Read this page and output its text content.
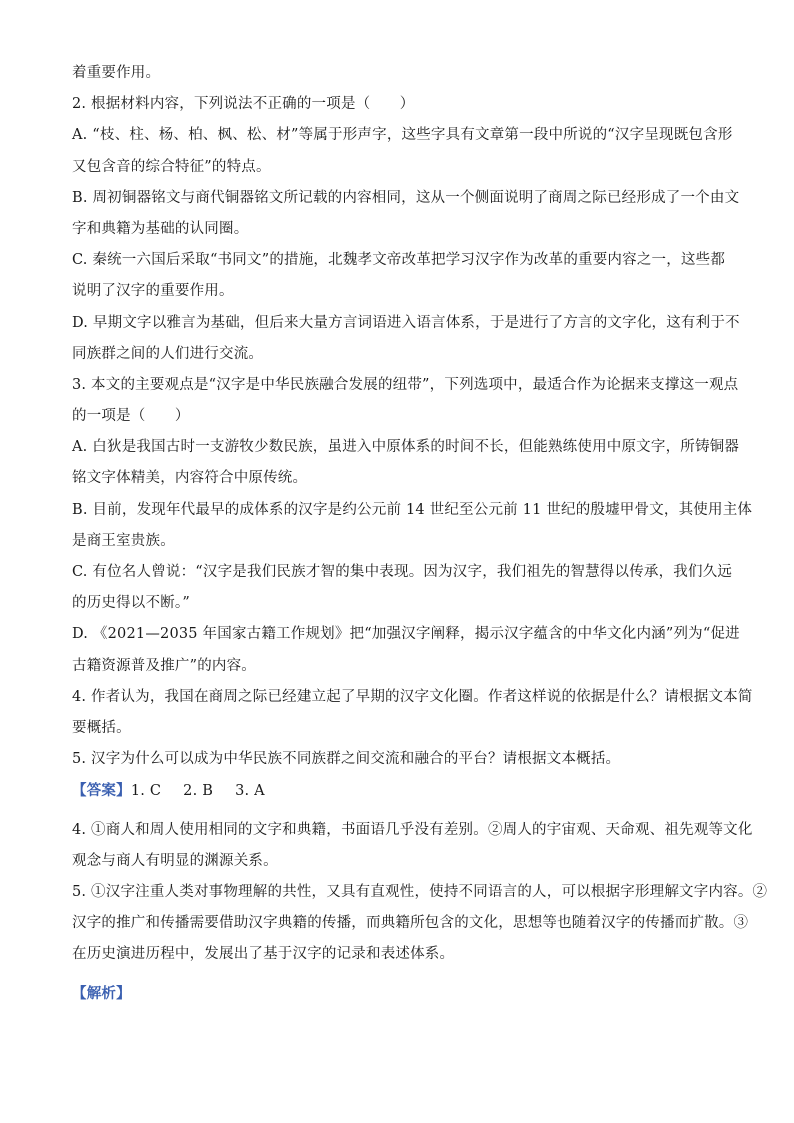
着重要作用。
2. 根据材料内容，下列说法不正确的一项是（　　）
A. “枝、柱、杨、柏、枫、松、材”等属于形声字，这些字具有文章第一段中所说的“汉字呈现既包含形
又包含音的综合特征”的特点。
B. 周初铜器铭文与商代铜器铭文所记载的内容相同，这从一个侧面说明了商周之际已经形成了一个由文
字和典籍为基础的认同圈。
C. 秦统一六国后采取“书同文”的措施，北魏孝文帝改革把学习汉字作为改革的重要内容之一，这些都
说明了汉字的重要作用。
D. 早期文字以雅言为基础，但后来大量方言词语进入语言体系，于是进行了方言的文字化，这有利于不
同族群之间的人们进行交流。
3. 本文的主要观点是“汉字是中华民族融合发展的纽带”，下列选项中，最适合作为论据来支撑这一观点
的一项是（　　）
A. 白狄是我国古时一支游牧少数民族，虽进入中原体系的时间不长，但能熟练使用中原文字，所铸铜器
铭文字体精美，内容符合中原传统。
B. 目前，发现年代最早的成体系的汉字是约公元前 14 世纪至公元前 11 世纪的殷墟甲骨文，其使用主体
是商王室贵族。
C. 有位名人曾说：“汉字是我们民族才智的集中表现。因为汉字，我们祖先的智慧得以传承，我们久远
的历史得以不断。”
D. 《2021—2035 年国家古籍工作规划》把“加强汉字阐释，揭示汉字蕴含的中华文化内涵”列为“促进
古籍资源普及推广”的内容。
4. 作者认为，我国在商周之际已经建立起了早期的汉字文化圈。作者这样说的依据是什么？请根据文本简
要概括。
5. 汉字为什么可以成为中华民族不同族群之间交流和融合的平台？请根据文本概括。
【答案】1. C 2. B 3. A
4. ①商人和周人使用相同的文字和典籍，书面语几乎没有差别。②周人的宇宙观、天命观、祖先观等文化
观念与商人有明显的渊源关系。
5. ①汉字注重人类对事物理解的共性，又具有直观性，使持不同语言的人，可以根据字形理解文字内容。②
汉字的推广和传播需要借助汉字典籍的传播，而典籍所包含的文化，思想等也随着汉字的传播而扩散。③
在历史演进历程中，发展出了基于汉字的记录和表述体系。
【解析】
